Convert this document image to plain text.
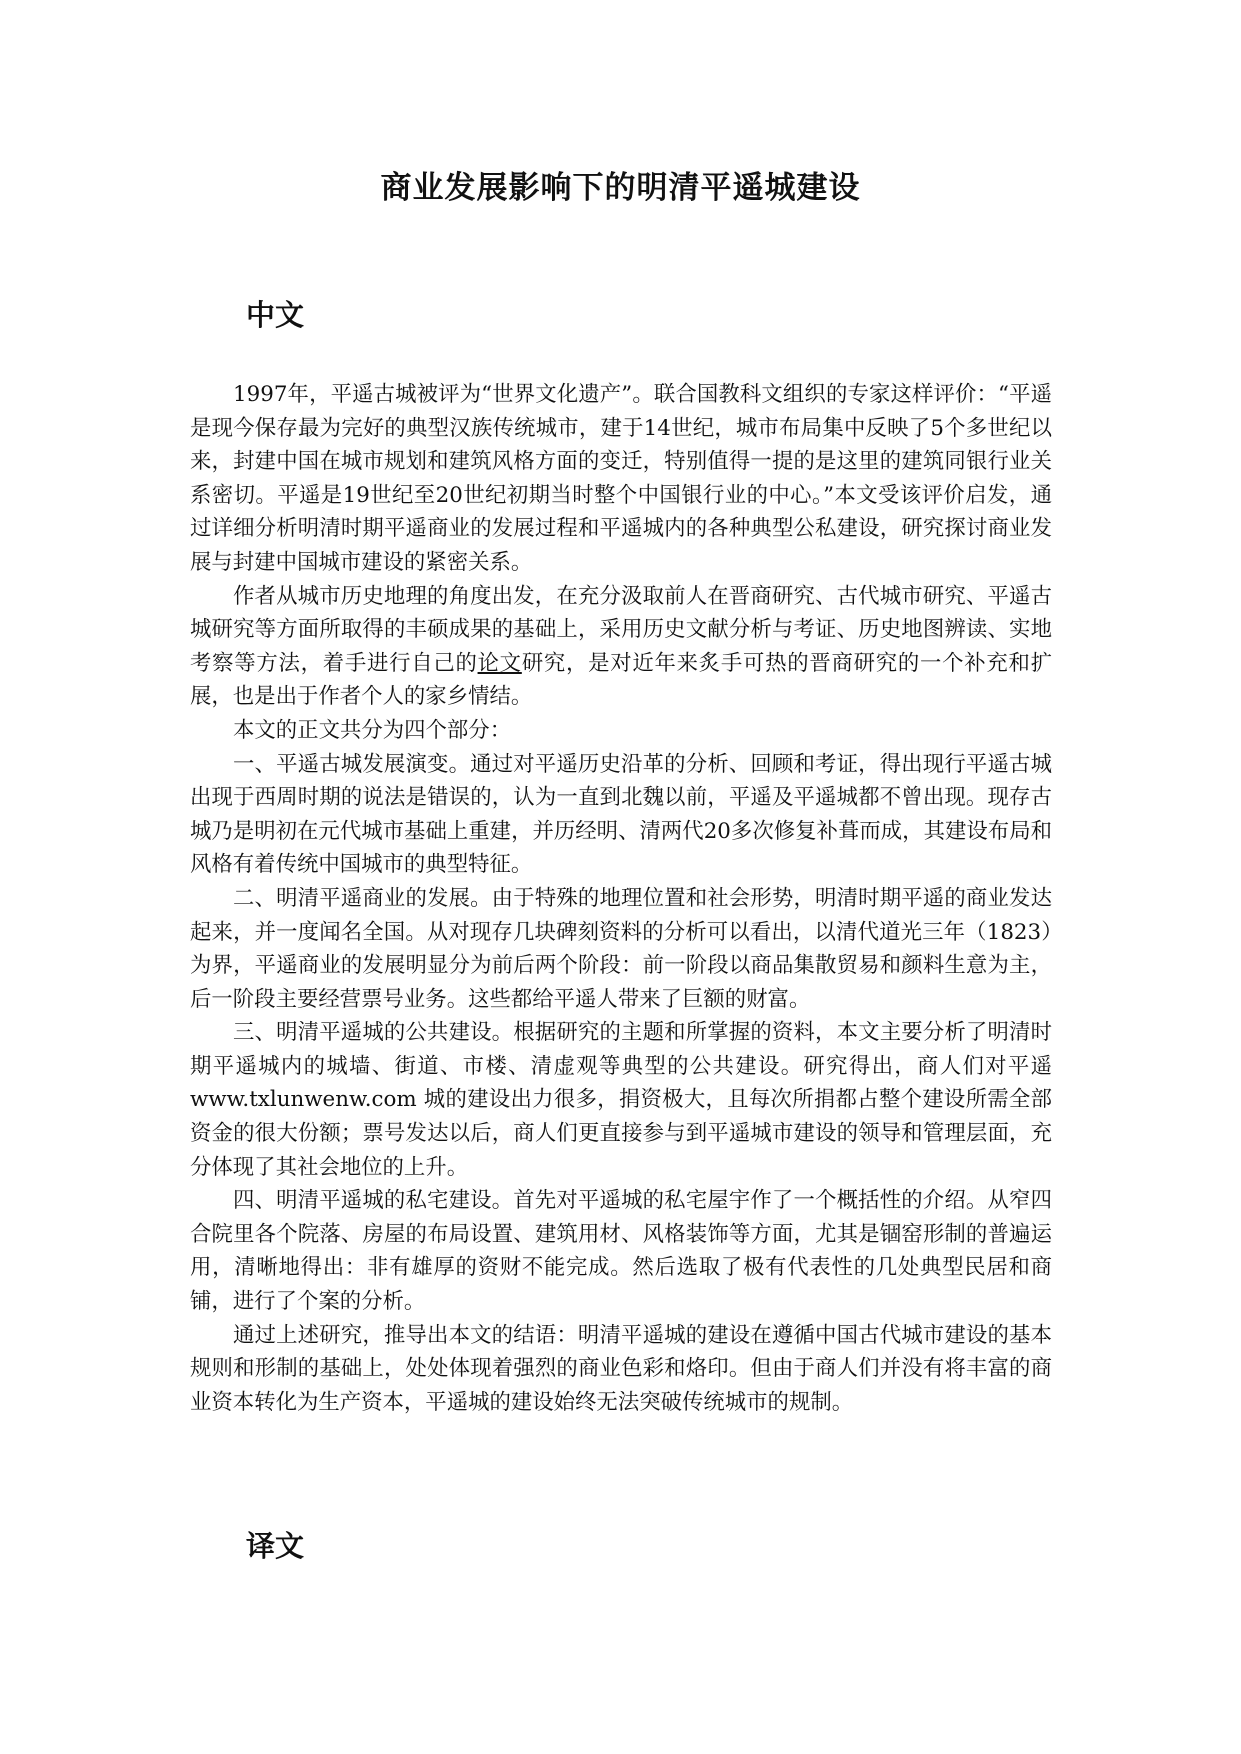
商业发展影响下的明清平遥城建设
中文

1997年，平遥古城被评为“世界文化遗产”。联合国教科文组织的专家这样评价：“平遥是现今保存最为完好的典型汉族传统城市，建于14世纪，城市布局集中反映了5个多世纪以来，封建中国在城市规划和建筑风格方面的变迁，特别值得一提的是这里的建筑同银行业关系密切。平遥是19世纪至20世纪初期当时整个中国银行业的中心。”本文受该评价启发，通过详细分析明清时期平遥商业的发展过程和平遥城内的各种典型公私建设，研究探讨商业发展与封建中国城市建设的紧密关系。

作者从城市历史地理的角度出发，在充分汲取前人在晋商研究、古代城市研究、平遥古城研究等方面所取得的丰硕成果的基础上，采用历史文献分析与考证、历史地图辨读、实地考察等方法，着手进行自己的论文研究，是对近年来炙手可热的晋商研究的一个补充和扩展，也是出于作者个人的家乡情结。

本文的正文共分为四个部分：

一、平遥古城发展演变。通过对平遥历史沿革的分析、回顾和考证，得出现行平遥古城出现于西周时期的说法是错误的，认为一直到北魏以前，平遥及平遥城都不曾出现。现存古城乃是明初在元代城市基础上重建，并历经明、清两代20多次修复补葺而成，其建设布局和风格有着传统中国城市的典型特征。

二、明清平遥商业的发展。由于特殊的地理位置和社会形势，明清时期平遥的商业发达起来，并一度闻名全国。从对现存几块碑刻资料的分析可以看出，以清代道光三年（1823）为界，平遥商业的发展明显分为前后两个阶段：前一阶段以商品集散贸易和颜料生意为主，后一阶段主要经营票号业务。这些都给平遥人带来了巨额的财富。

三、明清平遥城的公共建设。根据研究的主题和所掌握的资料，本文主要分析了明清时期平遥城内的城墙、街道、市楼、清虚观等典型的公共建设。研究得出，商人们对平遥 www.txlunwenw.com 城的建设出力很多，捐资极大，且每次所捐都占整个建设所需全部资金的很大份额；票号发达以后，商人们更直接参与到平遥城市建设的领导和管理层面，充分体现了其社会地位的上升。

四、明清平遥城的私宅建设。首先对平遥城的私宅屋宇作了一个概括性的介绍。从窄四合院里各个院落、房屋的布局设置、建筑用材、风格装饰等方面，尤其是锢窑形制的普遍运用，清晰地得出：非有雄厚的资财不能完成。然后选取了极有代表性的几处典型民居和商铺，进行了个案的分析。

通过上述研究，推导出本文的结语：明清平遥城的建设在遵循中国古代城市建设的基本规则和形制的基础上，处处体现着强烈的商业色彩和烙印。但由于商人们并没有将丰富的商业资本转化为生产资本，平遥城的建设始终无法突破传统城市的规制。

译文
